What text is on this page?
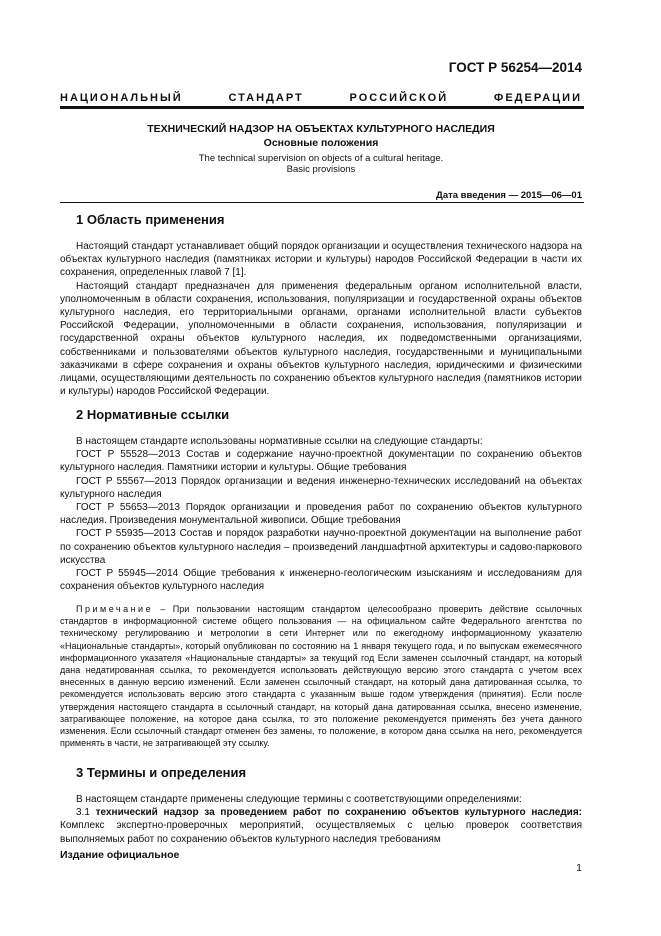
ГОСТ Р 56254—2014
НАЦИОНАЛЬНЫЙ СТАНДАРТ РОССИЙСКОЙ ФЕДЕРАЦИИ
ТЕХНИЧЕСКИЙ НАДЗОР НА ОБЪЕКТАХ КУЛЬТУРНОГО НАСЛЕДИЯ
Основные положения
The technical supervision on objects of a cultural heritage.
Basic provisions
Дата введения — 2015—06—01
1 Область применения

Настоящий стандарт устанавливает общий порядок организации и осуществления технического надзора на объектах культурного наследия (памятниках истории и культуры) народов Российской Федерации в части их сохранения, определенных главой 7 [1].

Настоящий стандарт предназначен для применения федеральным органом исполнительной власти, уполномоченным в области сохранения, использования, популяризации и государственной охраны объектов культурного наследия, его территориальными органами, органами исполнительной власти субъектов Российской Федерации, уполномоченными в области сохранения, использования, популяризации и государственной охраны объектов культурного наследия, их подведомственными организациями, собственниками и пользователями объектов культурного наследия, государственными и муниципальными заказчиками в сфере сохранения и охраны объектов культурного наследия, юридическими и физическими лицами, осуществляющими деятельность по сохранению объектов культурного наследия (памятников истории и культуры) народов Российской Федерации.

2 Нормативные ссылки

В настоящем стандарте использованы нормативные ссылки на следующие стандарты:

ГОСТ Р 55528—2013 Состав и содержание научно-проектной документации по сохранению объектов культурного наследия. Памятники истории и культуры. Общие требования

ГОСТ Р 55567—2013 Порядок организации и ведения инженерно-технических исследований на объектах культурного наследия

ГОСТ Р 55653—2013 Порядок организации и проведения работ по сохранению объектов культурного наследия. Произведения монументальной живописи. Общие требования

ГОСТ Р 55935—2013 Состав и порядок разработки научно-проектной документации на выполнение работ по сохранению объектов культурного наследия – произведений ландшафтной архитектуры и садово-паркового искусства

ГОСТ Р 55945—2014 Общие требования к инженерно-геологическим изысканиям и исследованиям для сохранения объектов культурного наследия

Примечание – При пользовании настоящим стандартом целесообразно проверить действие ссылочных стандартов в информационной системе общего пользования — на официальном сайте Федерального агентства по техническому регулированию и метрологии в сети Интернет или по ежегодному информационному указателю «Национальные стандарты», который опубликован по состоянию на 1 января текущего года, и по выпускам ежемесячного информационного указателя «Национальные стандарты» за текущий год Если заменен ссылочный стандарт, на который дана недатированная ссылка, то рекомендуется использовать действующую версию этого стандарта с учетом всех внесенных в данную версию изменений. Если заменен ссылочный стандарт, на который дана датированная ссылка, то рекомендуется использовать версию этого стандарта с указанным выше годом утверждения (принятия). Если после утверждения настоящего стандарта в ссылочный стандарт, на который дана датированная ссылка, внесено изменение, затрагивающее положение, на которое дана ссылка, то это положение рекомендуется применять без учета данного изменения. Если ссылочный стандарт отменен без замены, то положение, в котором дана ссылка на него, рекомендуется применять в части, не затрагивающей эту ссылку.

3 Термины и определения

В настоящем стандарте применены следующие термины с соответствующими определениями:

3.1 технический надзор за проведением работ по сохранению объектов культурного наследия: Комплекс экспертно-проверочных мероприятий, осуществляемых с целью проверок соответствия выполняемых работ по сохранению объектов культурного наследия требованиям

Издание официальное
1
